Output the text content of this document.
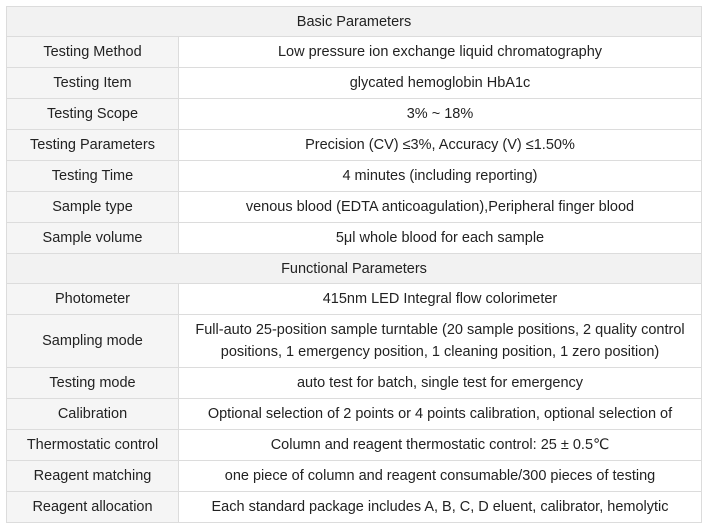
Basic Parameters	
Testing Method	Low pressure ion exchange liquid chromatography

Testing Item	glycated hemoglobin HbA1c

Testing Scope	3% ~ 18%

Testing Parameters	Precision (CV) ≤3%, Accuracy (V) ≤1.50%

Testing Time	4 minutes (including reporting)

Sample type	venous blood (EDTA anticoagulation),Peripheral finger blood

Sample volume	5μl whole blood for each sample

Functional Parameters	
Photometer	415nm LED Integral flow colorimeter

Sampling mode	Full-auto 25-position sample turntable (20 sample positions, 2 quality control positions, 1 emergency position, 1 cleaning position, 1 zero position)

Testing mode	auto test for batch, single test for emergency

Calibration	Optional selection of 2 points or 4 points calibration, optional selection of

Thermostatic control	Column and reagent thermostatic control: 25 ± 0.5℃

Reagent matching	one piece of column and reagent consumable/300 pieces of testing

Reagent allocation	Each standard package includes A, B, C, D eluent, calibrator, hemolytic
